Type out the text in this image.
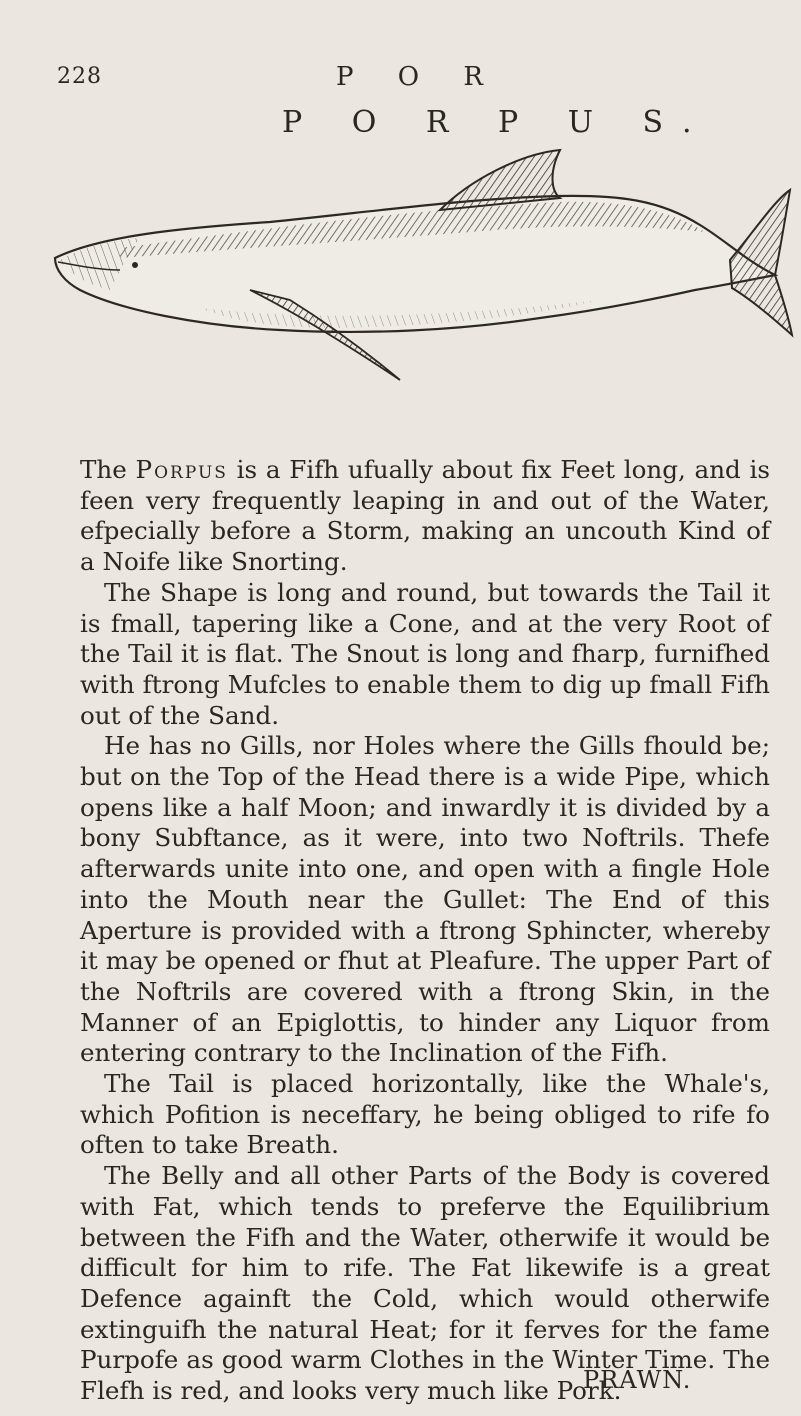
228	P O R
P O R P U S.

The Porpus is a Fifh ufually about fix Feet long, and is feen very frequently leaping in and out of the Water, efpecially before a Storm, making an uncouth Kind of a Noife like Snorting.

The Shape is long and round, but towards the Tail it is fmall, tapering like a Cone, and at the very Root of the Tail it is flat. The Snout is long and fharp, furnifhed with ftrong Mufcles to enable them to dig up fmall Fifh out of the Sand.

He has no Gills, nor Holes where the Gills fhould be; but on the Top of the Head there is a wide Pipe, which opens like a half Moon; and inwardly it is divided by a bony Subftance, as it were, into two Noftrils. Thefe afterwards unite into one, and open with a fingle Hole into the Mouth near the Gullet: The End of this Aperture is provided with a ftrong Sphincter, whereby it may be opened or fhut at Pleafure. The upper Part of the Noftrils are covered with a ftrong Skin, in the Manner of an Epiglottis, to hinder any Liquor from entering contrary to the Inclination of the Fifh.

The Tail is placed horizontally, like the Whale's, which Pofition is neceffary, he being obliged to rife fo often to take Breath.

The Belly and all other Parts of the Body is covered with Fat, which tends to preferve the Equilibrium between the Fifh and the Water, otherwife it would be difficult for him to rife. The Fat likewife is a great Defence againft the Cold, which would otherwife extinguifh the natural Heat; for it ferves for the fame Purpofe as good warm Clothes in the Winter Time. The Flefh is red, and looks very much like Pork.

PRAWN.
